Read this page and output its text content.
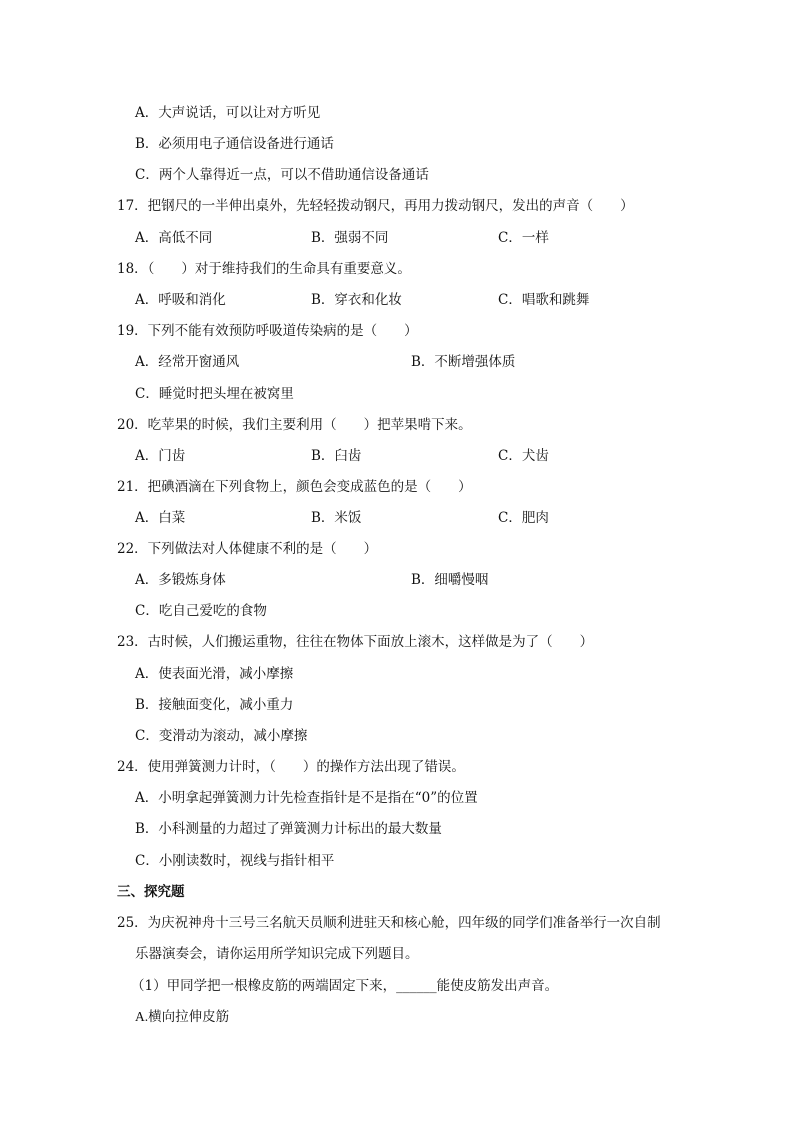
A．大声说话，可以让对方听见
B．必须用电子通信设备进行通话
C．两个人靠得近一点，可以不借助通信设备通话
17．把钢尺的一半伸出桌外，先轻轻拨动钢尺，再用力拨动钢尺，发出的声音（　　）
A．高低不同	B．强弱不同	C．一样
18．（　　）对于维持我们的生命具有重要意义。
A．呼吸和消化	B．穿衣和化妆	C．唱歌和跳舞
19．下列不能有效预防呼吸道传染病的是（　　）
A．经常开窗通风	B．不断增强体质
C．睡觉时把头埋在被窝里
20．吃苹果的时候，我们主要利用（　　）把苹果啃下来。
A．门齿	B．臼齿	C．犬齿
21．把碘酒滴在下列食物上，颜色会变成蓝色的是（　　）
A．白菜	B．米饭	C．肥肉
22．下列做法对人体健康不利的是（　　）
A．多锻炼身体	B．细嚼慢咽
C．吃自己爱吃的食物
23．古时候，人们搬运重物，往往在物体下面放上滚木，这样做是为了（　　）
A．使表面光滑，减小摩擦
B．接触面变化，减小重力
C．变滑动为滚动，减小摩擦
24．使用弹簧测力计时，（　　）的操作方法出现了错误。
A．小明拿起弹簧测力计先检查指针是不是指在“0”的位置
B．小科测量的力超过了弹簧测力计标出的最大数量
C．小刚读数时，视线与指针相平
三、探究题
25．为庆祝神舟十三号三名航天员顺利进驻天和核心舱，四年级的同学们准备举行一次自制
乐器演奏会，请你运用所学知识完成下列题目。
（1）甲同学把一根橡皮筋的两端固定下来，______能使皮筋发出声音。
A.横向拉伸皮筋
